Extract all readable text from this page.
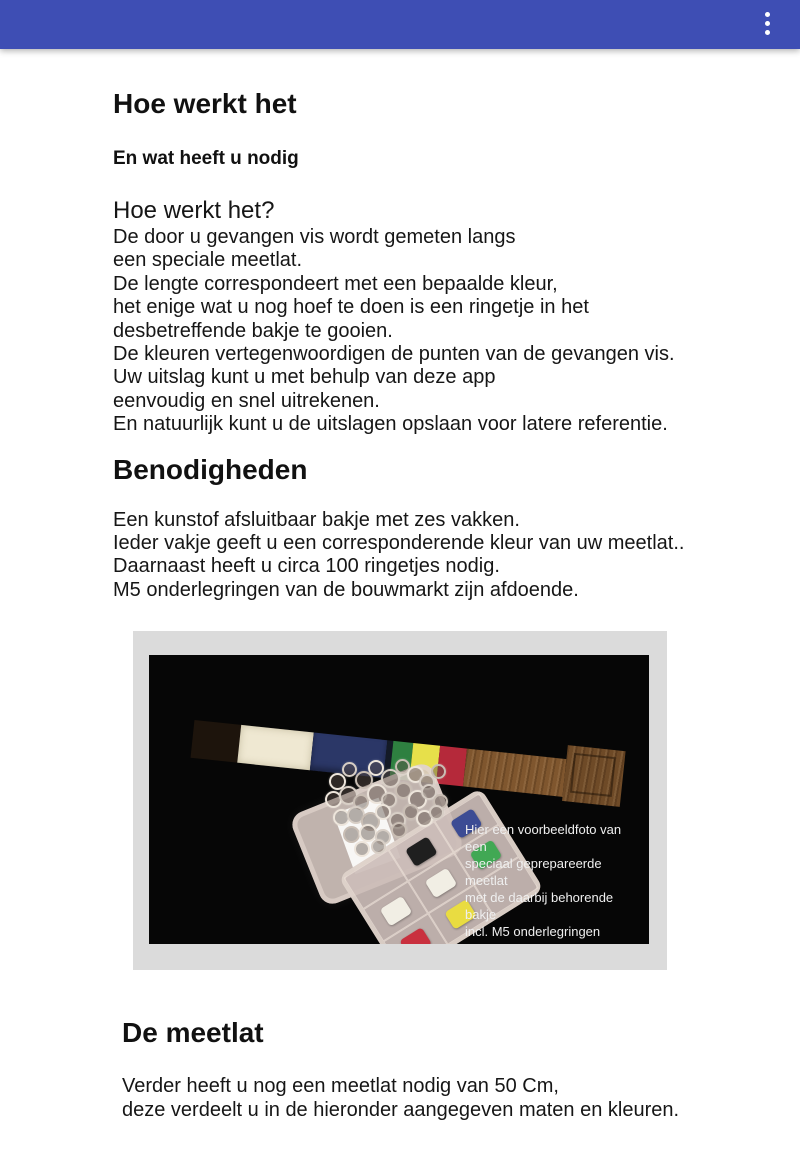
Hoe werkt het
En wat heeft u nodig
Hoe werkt het?
De door u gevangen vis wordt gemeten langs
een speciale meetlat.
De lengte correspondeert met een bepaalde kleur,
het enige wat u nog hoef te doen is een ringetje in het
desbetreffende bakje te gooien.
De kleuren vertegenwoordigen de punten van de gevangen vis.
Uw uitslag kunt u met behulp van deze app
eenvoudig en snel uitrekenen.
En natuurlijk kunt u de uitslagen opslaan voor latere referentie.
Benodigheden
Een kunstof afsluitbaar bakje met zes vakken.
Ieder vakje geeft u een corresponderende kleur van uw meetlat..
Daarnaast heeft u circa 100 ringetjes nodig.
M5 onderlegringen van de bouwmarkt zijn afdoende.
Hier een voorbeeldfoto van een
speciaal geprepareerde meetlat
met de daarbij behorende bakje
incl. M5 onderlegringen
De meetlat
Verder heeft u nog een meetlat nodig van 50 Cm,
deze verdeelt u in de hieronder aangegeven maten en kleuren.
